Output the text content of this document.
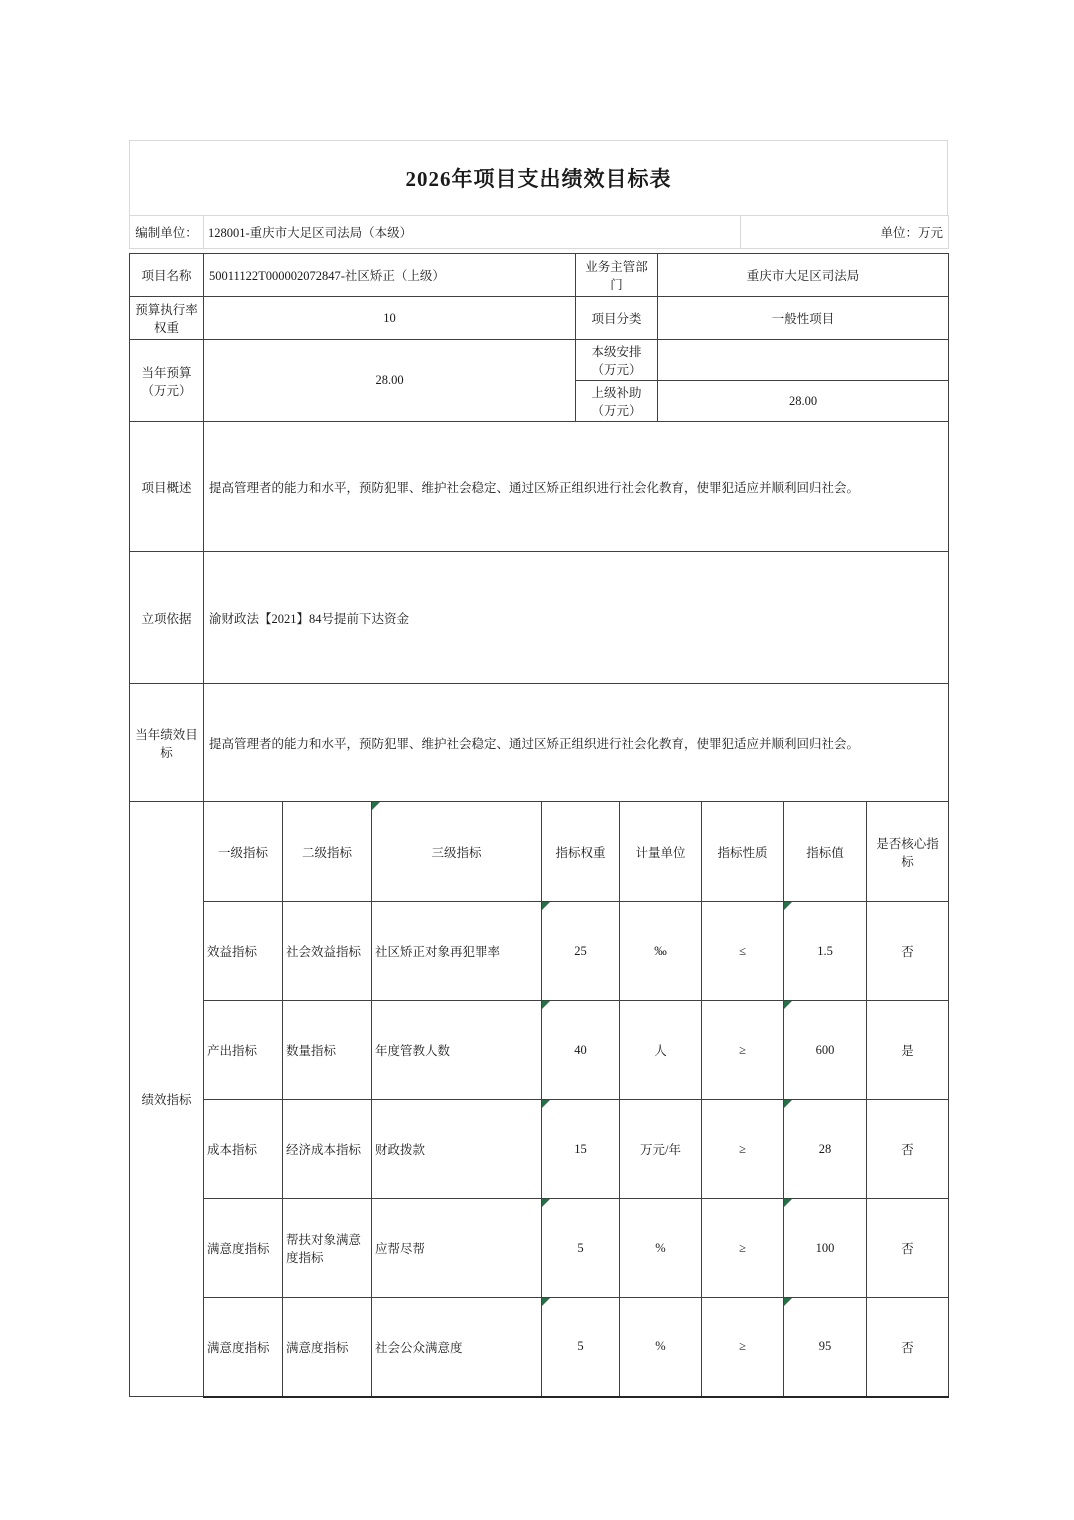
2026年项目支出绩效目标表
编制单位：	128001-重庆市大足区司法局（本级）	单位：万元
项目名称	50011122T000002072847-社区矫正（上级）	业务主管部门	重庆市大足区司法局
预算执行率权重	10	项目分类	一般性项目
当年预算（万元）	28.00	本级安排（万元）	
		上级补助（万元）	28.00
项目概述	提高管理者的能力和水平，预防犯罪、维护社会稳定、通过区矫正组织进行社会化教育，使罪犯适应并顺利回归社会。		
立项依据	渝财政法【2021】84号提前下达资金		
当年绩效目标	提高管理者的能力和水平，预防犯罪、维护社会稳定、通过区矫正组织进行社会化教育，使罪犯适应并顺利回归社会。		
绩效指标	一级指标	二级指标	三级指标	指标权重	计量单位	指标性质	指标值	是否核心指标
	效益指标	社会效益指标	社区矫正对象再犯罪率	25	‰	≤	1.5	否
	产出指标	数量指标	年度管教人数	40	人	≥	600	是
	成本指标	经济成本指标	财政拨款	15	万元/年	≥	28	否
	满意度指标	帮扶对象满意度指标	应帮尽帮	5	%	≥	100	否
	满意度指标	满意度指标	社会公众满意度	5	%	≥	95	否
